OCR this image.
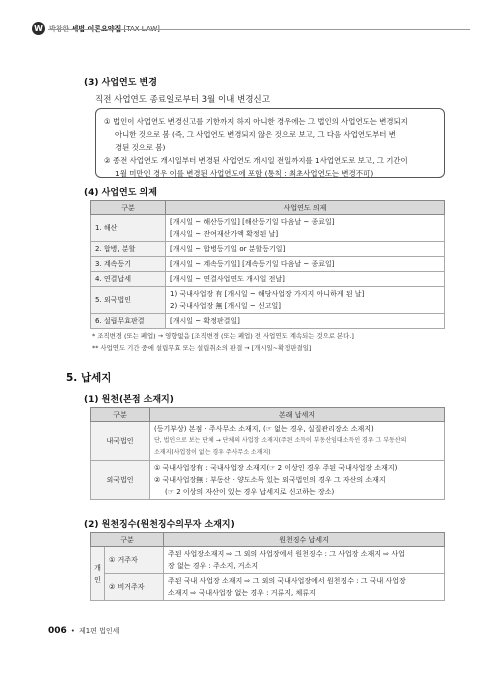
W 박창한 세법 이론요약집 [TAX LAW]
(3) 사업연도 변경
직전 사업연도 종료일로부터 3월 이내 변경신고
① 법인이 사업연도 변경신고를 기한까지 하지 아니한 경우에는 그 법인의 사업연도는 변경되지
아니한 것으로 봄 (즉, 그 사업연도 변경되지 않은 것으로 보고, 그 다음 사업연도부터 변
경된 것으로 봄)
② 종전 사업연도 개시일부터 변경된 사업연도 개시일 전일까지를 1사업연도로 보고, 그 기간이
1월 미만인 경우 이를 변경된 사업연도에 포함 (통칙 : 최초사업연도는 변경不可)
(4) 사업연도 의제
구분	사업연도 의제
1. 해산	[개시일 ~ 해산등기일] [해산등기일 다음날 ~ 종료일]
[개시일 ~ 잔여재산가액 확정된 날]

2. 합병, 분할	[개시일 ~ 합병등기일 or 분할등기일]
3. 계속등기	[개시일 ~ 계속등기일] [계속등기일 다음날 ~ 종료일]
4. 연결납세	[개시일 ~ 연결사업연도 개시일 전날]
5. 외국법인	1) 국내사업장 有 [개시일 ~ 해당사업장 가지지 아니하게 된 날]
2) 국내사업장 無 [개시일 ~ 신고일]

6. 설립무효판결	[개시일 ~ 확정판결일]
* 조직변경 (또는 폐업) → 영향없음 [조직변경 (또는 폐업) 전 사업연도 계속되는 것으로 본다.]
** 사업연도 기간 중에 설립무효 또는 설립취소의 판결 → [개시일~확정판결일]
5. 납세지
(1) 원천(본점 소재지)
구분	본래 납세지
내국법인	(등기부상) 본점 · 주사무소 소재지, (☞ 없는 경우, 실질관리장소 소재지)
단, 법인으로 보는 단체 → 단체의 사업장 소재지(주된 소득이 부동산임대소득인 경우 그 부동산의
소재지(사업장이 없는 경우 주사무소 소재지)

외국법인	① 국내사업장有 : 국내사업장 소재지(☞ 2 이상인 경우 주된 국내사업장 소재지)
② 국내사업장無 : 부동산 · 양도소득 있는 외국법인의 경우 그 자산의 소재지
(☞ 2 이상의 자산이 있는 경우 납세지로 신고하는 장소)
(2) 원천징수(원천징수의무자 소재지)
구분		원천징수 납세지
개인	① 거주자	주된 사업장소재지 ⇨ 그 외의 사업장에서 원천징수 : 그 사업장 소재지 ⇨ 사업
장 없는 경우 : 주소지, 거소지

	② 비거주자	주된 국내 사업장 소재지 ⇨ 그 외의 국내사업장에서 원천징수 : 그 국내 사업장
소재지 ⇨ 국내사업장 없는 경우 : 거류지, 체류지
006 • 제1편 법인세
